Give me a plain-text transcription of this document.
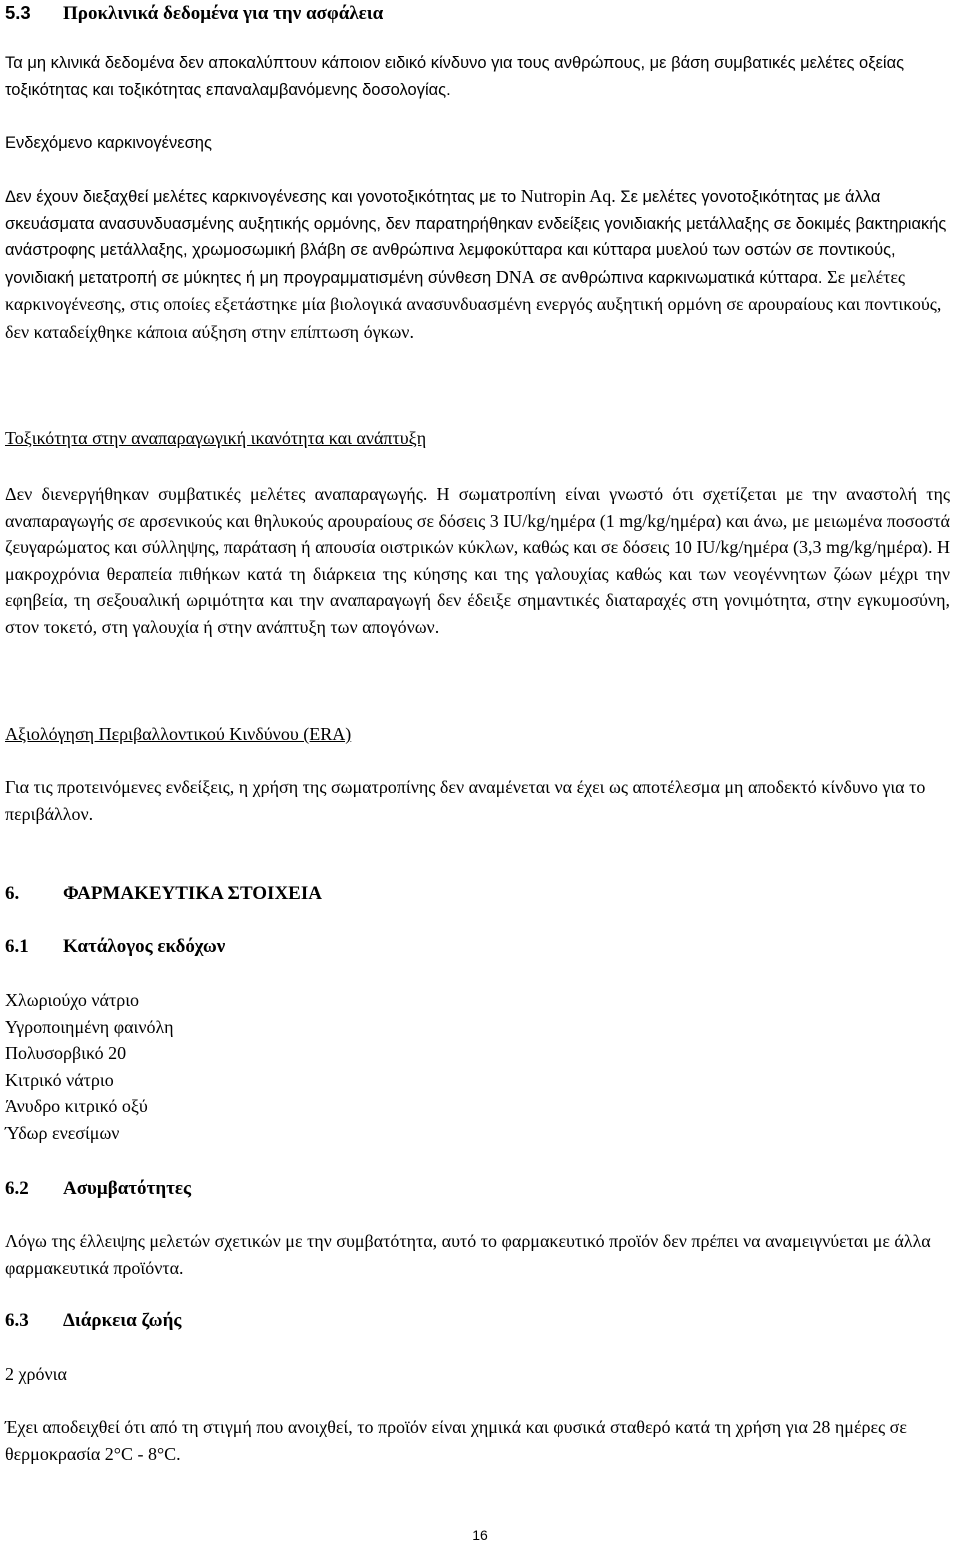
5.3 Προκλινικά δεδομένα για την ασφάλεια

Τα μη κλινικά δεδομένα δεν αποκαλύπτουν κάποιον ειδικό κίνδυνο για τους ανθρώπους, με βάση συμβατικές μελέτες οξείας τοξικότητας και τοξικότητας επαναλαμβανόμενης δοσολογίας.

Ενδεχόμενο καρκινογένεσης

Δεν έχουν διεξαχθεί μελέτες καρκινογένεσης και γονοτοξικότητας με το Nutropin Aq. Σε μελέτες γονοτοξικότητας με άλλα σκευάσματα ανασυνδυασμένης αυξητικής ορμόνης, δεν παρατηρήθηκαν ενδείξεις γονιδιακής μετάλλαξης σε δοκιμές βακτηριακής ανάστροφης μετάλλαξης, χρωμοσωμική βλάβη σε ανθρώπινα λεμφοκύτταρα και κύτταρα μυελού των οστών σε ποντικούς, γονιδιακή μετατροπή σε μύκητες ή μη προγραμματισμένη σύνθεση DNA σε ανθρώπινα καρκινωματικά κύτταρα. Σε μελέτες καρκινογένεσης, στις οποίες εξετάστηκε μία βιολογικά ανασυνδυασμένη ενεργός αυξητική ορμόνη σε αρουραίους και ποντικούς, δεν καταδείχθηκε κάποια αύξηση στην επίπτωση όγκων.

Τοξικότητα στην αναπαραγωγική ικανότητα και ανάπτυξη

Δεν διενεργήθηκαν συμβατικές μελέτες αναπαραγωγής. Η σωματροπίνη είναι γνωστό ότι σχετίζεται με την αναστολή της αναπαραγωγής σε αρσενικούς και θηλυκούς αρουραίους σε δόσεις 3 IU/kg/ημέρα (1 mg/kg/ημέρα) και άνω, με μειωμένα ποσοστά ζευγαρώματος και σύλληψης, παράταση ή απουσία οιστρικών κύκλων, καθώς και σε δόσεις 10 IU/kg/ημέρα (3,3 mg/kg/ημέρα). Η μακροχρόνια θεραπεία πιθήκων κατά τη διάρκεια της κύησης και της γαλουχίας καθώς και των νεογέννητων ζώων μέχρι την εφηβεία, τη σεξουαλική ωριμότητα και την αναπαραγωγή δεν έδειξε σημαντικές διαταραχές στη γονιμότητα, στην εγκυμοσύνη, στον τοκετό, στη γαλουχία ή στην ανάπτυξη των απογόνων.

Αξιολόγηση Περιβαλλοντικού Κινδύνου (ERA)

Για τις προτεινόμενες ενδείξεις, η χρήση της σωματροπίνης δεν αναμένεται να έχει ως αποτέλεσμα μη αποδεκτό κίνδυνο για το περιβάλλον.

6. ΦΑΡΜΑΚΕΥΤΙΚΑ ΣΤΟΙΧΕΙΑ
6.1 Κατάλογος εκδόχων
Χλωριούχο νάτριο
Υγροποιημένη φαινόλη
Πολυσορβικό 20
Κιτρικό νάτριο
Άνυδρο κιτρικό οξύ
Ύδωρ ενεσίμων
6.2 Ασυμβατότητες

Λόγω της έλλειψης μελετών σχετικών με την συμβατότητα, αυτό το φαρμακευτικό προϊόν δεν πρέπει να αναμειγνύεται με άλλα φαρμακευτικά προϊόντα.

6.3 Διάρκεια ζωής

2 χρόνια

Έχει αποδειχθεί ότι από τη στιγμή που ανοιχθεί, το προϊόν είναι χημικά και φυσικά σταθερό κατά τη χρήση για 28 ημέρες σε θερμοκρασία 2°C - 8°C.

16
